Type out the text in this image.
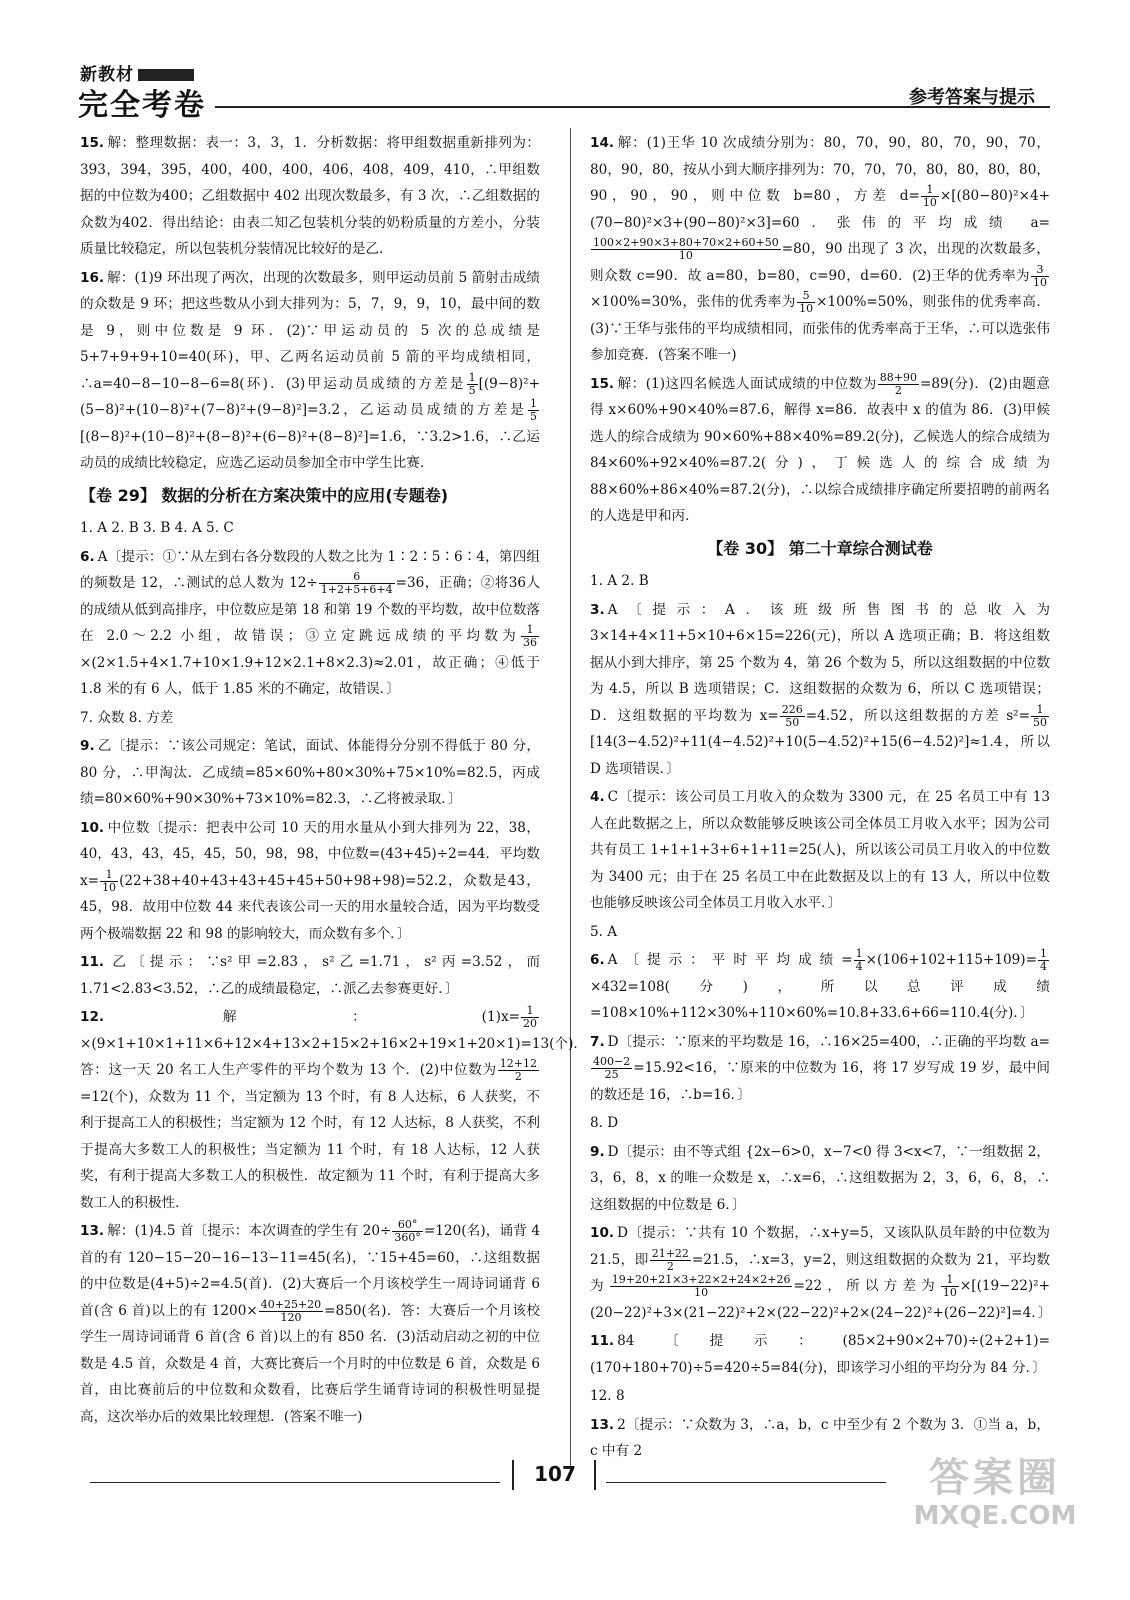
新教材
完全考卷	参考答案与提示

15. 解：整理数据：表一：3，3，1．分析数据：将甲组数据重新排列为：393，394，395，400，400，400，406，408，409，410，∴甲组数据的中位数为400；乙组数据中 402 出现次数最多，有 3 次，∴乙组数据的众数为402．得出结论：由表二知乙包装机分装的奶粉质量的方差小，分装质量比较稳定，所以包装机分装情况比较好的是乙．

16. 解：(1)9 环出现了两次，出现的次数最多，则甲运动员前 5 箭射击成绩的众数是 9 环；把这些数从小到大排列为：5，7，9，9，10，最中间的数是 9，则中位数是 9 环．(2)∵甲运动员的 5 次的总成绩是 5+7+9+9+10=40(环)，甲、乙两名运动员前 5 箭的平均成绩相同，∴a=40−8−10−8−6=8(环)．(3)甲运动员成绩的方差是 $\frac{1}{5} [(9-8)^2+(5-8)^2+(10-8)^2+(7-8)^2+(9-8)^2]=3.2$，乙运动员成绩的方差是 $\frac{1}{5}$
[(8−8)²+(10−8)²+(8−8)²+(6−8)²+(8−8)²]=1.6，∵3.2>1.6，∴乙运动员的成绩比较稳定，应选乙运动员参加全市中学生比赛．

【卷 29】 数据的分析在方案决策中的应用(专题卷)

1. A 2. B 3. B 4. A 5. C

6. A〔提示：①∵从左到右各分数段的人数之比为 1∶2∶5∶6∶4，第四组的频数是 12，∴测试的总人数为 $12\div \frac{6}{1+2+5+6+4} =36$，正确；②将36人的成绩从低到高排序，中位数应是第 18 和第 19 个数的平均数，故中位数落在 2.0～2.2 小组，故错误；③立定跳远成绩的平均数为 $\frac{1}{36}$
×(2×1.5+4×1.7+10×1.9+12×2.1+8×2.3)≈2.01，故正确；④低于 1.8 米的有 6 人，低于 1.85 米的不确定，故错误．〕

7. 众数 8. 方差

9. 乙〔提示：∵该公司规定：笔试，面试、体能得分分别不得低于 80 分，80 分，∴甲淘汰．乙成绩=85×60%+80×30%+75×10%=82.5，丙成绩=80×60%+90×30%+73×10%=82.3，∴乙将被录取．〕

10. 中位数〔提示：把表中公司 10 天的用水量从小到大排列为 22，38，40，43，43，45，45，50，98，98，中位数=(43+45)÷2=44．平均数 $x= \frac{1}{10} (22+38+40+43+43+45+45+50+98+98)=52.2$，众数是43，45，98．故用中位数 44 来代表该公司一天的用水量较合适，因为平均数受两个极端数据 22 和 98 的影响较大，而众数有多个．〕

11. 乙〔提示：∵s²甲=2.83，s²乙=1.71，s²丙=3.52，而 1.71<2.83<3.52，∴乙的成绩最稳定，∴派乙去参赛更好．〕

12. 解：$(1)x= \frac{1}{20}$
×(9×1+10×1+11×6+12×4+13×2+15×2+16×2+19×1+20×1)=13(个)．答：这一天 20 名工人生产零件的平均个数为 13 个．(2)中位数为 $\frac{12+12}{2}$
=12(个)，众数为 11 个，当定额为 13 个时，有 8 人达标，6 人获奖，不利于提高工人的积极性；当定额为 12 个时，有 12 人达标，8 人获奖，不利于提高大多数工人的积极性；当定额为 11 个时，有 18 人达标，12 人获奖，有利于提高大多数工人的积极性．故定额为 11 个时，有利于提高大多数工人的积极性．

13. 解：(1)4.5 首〔提示：本次调查的学生有 $20\div \frac{60^\circ}{360^\circ} =120$(名)，诵背 4 首的有 120−15−20−16−13−11=45(名)，∵15+45=60，∴这组数据的中位数是(4+5)÷2=4.5(首)．(2)大赛后一个月该校学生一周诗词诵背 6 首(含 6 首)以上的有 $1200\times \frac{40+25+20}{120} =850$(名)．答：大赛后一个月该校学生一周诗词诵背 6 首(含 6 首)以上的有 850 名．(3)活动启动之初的中位数是 4.5 首，众数是 4 首，大赛比赛后一个月时的中位数是 6 首，众数是 6 首，由比赛前后的中位数和众数看，比赛后学生诵背诗词的积极性明显提高，这次举办后的效果比较理想．(答案不唯一)

14. 解：(1)王华 10 次成绩分别为：80，70，90，80，70，90，70，80，90，80，按从小到大顺序排列为：70，70，70，80，80，80，80，90，90，90，则中位数 b=80，方差 $d= \frac{1}{10} \times[(80-80)^2\times 4+(70-80)^2\times 3+(90-80)^2\times 3]=60$．张伟的平均成绩 a=
$\frac{100\times 2+90\times 3+80+70\times 2+60+50}{10} =80$，90 出现了 3 次，出现的次数最多，则众数 c=90．故 a=80，b=80，c=90，d=60．(2)王华的优秀率为 $\frac{3}{10}$
×100%=30%，张伟的优秀率为 $\frac{5}{10} \times 100\%=50\%$，则张伟的优秀率高．(3)∵王华与张伟的平均成绩相同，而张伟的优秀率高于王华，∴可以选张伟参加竞赛．(答案不唯一)

15. 解：(1)这四名候选人面试成绩的中位数为 $\frac{88+90}{2} =89$(分)．(2)由题意得 x×60%+90×40%=87.6，解得 x=86．故表中 x 的值为 86．(3)甲候选人的综合成绩为 90×60%+88×40%=89.2(分)，乙候选人的综合成绩为 84×60%+92×40%=87.2(分)，丁候选人的综合成绩为 88×60%+86×40%=87.2(分)，∴以综合成绩排序确定所要招聘的前两名的人选是甲和丙．

【卷 30】 第二十章综合测试卷

1. A 2. B

3. A〔提示：A．该班级所售图书的总收入为 3×14+4×11+5×10+6×15=226(元)，所以 A 选项正确；B．将这组数据从小到大排序，第 25 个数为 4，第 26 个数为 5，所以这组数据的中位数为 4.5，所以 B 选项错误；C．这组数据的众数为 6，所以 C 选项错误；D．这组数据的平均数为 $x= \frac{226}{50} =4.52$，所以这组数据的方差 $s^2= \frac{1}{50}$
[14(3−4.52)²+11(4−4.52)²+10(5−4.52)²+15(6−4.52)²]≈1.4，所以 D 选项错误．〕

4. C〔提示：该公司员工月收入的众数为 3300 元，在 25 名员工中有 13 人在此数据之上，所以众数能够反映该公司全体员工月收入水平；因为公司共有员工 1+1+1+3+6+1+11=25(人)，所以该公司员工月收入的中位数为 3400 元；由于在 25 名员工中在此数据及以上的有 13 人，所以中位数也能够反映该公司全体员工月收入水平．〕

5. A

6. A〔提示：平时平均成绩= $\frac{1}{4} \times(106+102+115+109)= \frac{1}{4}$
×432=108(分)，所以总评成绩=108×10%+112×30%+110×60%=10.8+33.6+66=110.4(分)．〕

7. D〔提示：∵原来的平均数是 16，∴16×25=400，∴正确的平均数 a=
$\frac{400-2}{25} =15.92<16$，∵原来的中位数为 16，将 17 岁写成 19 岁，最中间的数还是 16，∴b=16．〕

8. D

9. D〔提示：由不等式组 {2x−6>0，x−7<0 得 3<x<7，∵一组数据 2，3，6，8，x 的唯一众数是 x，∴x=6，∴这组数据为 2，3，6，6，8，∴这组数据的中位数是 6．〕

10. D〔提示：∵共有 10 个数据，∴x+y=5，又该队队员年龄的中位数为 21.5，即 $\frac{21+22}{2} =21.5$，∴x=3，y=2，则这组数据的众数为 21，平均数为 $\frac{19+20+21\times 3+22\times 2+24\times 2+26}{10} =22$，所以方差为 $\frac{1}{10} \times[(19-22)^2+(20-22)^2+3\times(21-22)^2+2\times(22-22)^2+2\times(24-22)^2+(26-22)^2]=4$．〕

11. 84〔提示：(85×2+90×2+70)÷(2+2+1)=(170+180+70)÷5=420÷5=84(分)，即该学习小组的平均分为 84 分．〕

12. 8

13. 2〔提示：∵众数为 3，∴a，b，c 中至少有 2 个数为 3．①当 a，b，c 中有 2

107	答案圈
MXQE.COM
